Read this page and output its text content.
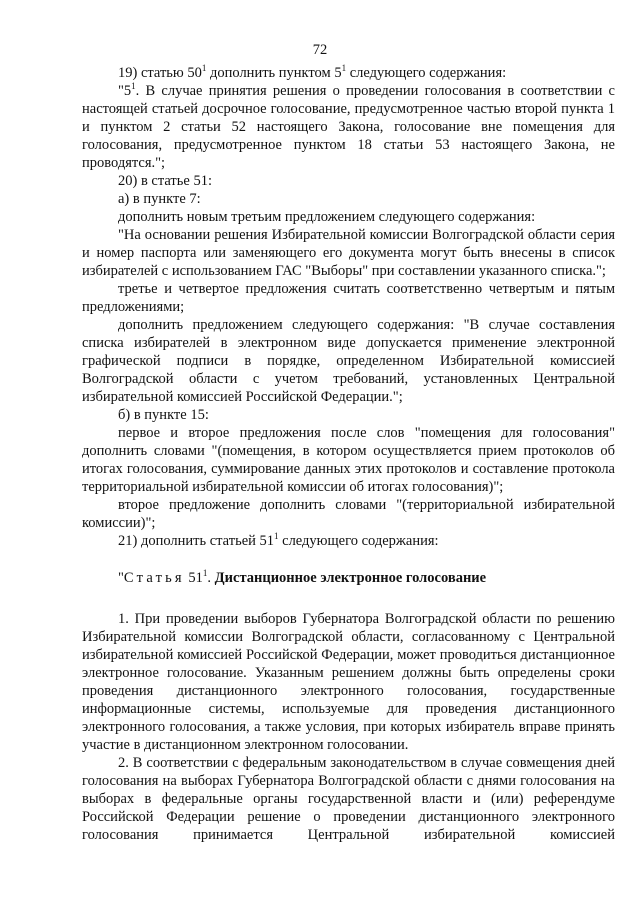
72

19) статью $50^1$ дополнить пунктом $5^1$ следующего содержания:

"$5^1$. В случае принятия решения о проведении голосования в соответствии с настоящей статьей досрочное голосование, предусмотренное частью второй пункта 1 и пунктом 2 статьи 52 настоящего Закона, голосование вне помещения для голосования, предусмотренное пунктом 18 статьи 53 настоящего Закона, не проводятся.";

20) в статье 51:

а) в пункте 7:

дополнить новым третьим предложением следующего содержания:

"На основании решения Избирательной комиссии Волгоградской области серия и номер паспорта или заменяющего его документа могут быть внесены в список избирателей с использованием ГАС "Выборы" при составлении указанного списка.";

третье и четвертое предложения считать соответственно четвертым и пятым предложениями;

дополнить предложением следующего содержания: "В случае составления списка избирателей в электронном виде допускается применение электронной графической подписи в порядке, определенном Избирательной комиссией Волгоградской области с учетом требований, установленных Центральной избирательной комиссией Российской Федерации.";

б) в пункте 15:

первое и второе предложения после слов "помещения для голосования" дополнить словами "(помещения, в котором осуществляется прием протоколов об итогах голосования, суммирование данных этих протоколов и составление протокола территориальной избирательной комиссии об итогах голосования)";

второе предложение дополнить словами "(территориальной избирательной комиссии)";

21) дополнить статьей $51^1$ следующего содержания:

"Статья $51^1$. Дистанционное электронное голосование

1. При проведении выборов Губернатора Волгоградской области по решению Избирательной комиссии Волгоградской области, согласованному с Центральной избирательной комиссией Российской Федерации, может проводиться дистанционное электронное голосование. Указанным решением должны быть определены сроки проведения дистанционного электронного голосования, государственные информационные системы, используемые для проведения дистанционного электронного голосования, а также условия, при которых избиратель вправе принять участие в дистанционном электронном голосовании.

2. В соответствии с федеральным законодательством в случае совмещения дней голосования на выборах Губернатора Волгоградской области с днями голосования на выборах в федеральные органы государственной власти и (или) референдуме Российской Федерации решение о проведении дистанционного электронного голосования принимается Центральной избирательной комиссией
